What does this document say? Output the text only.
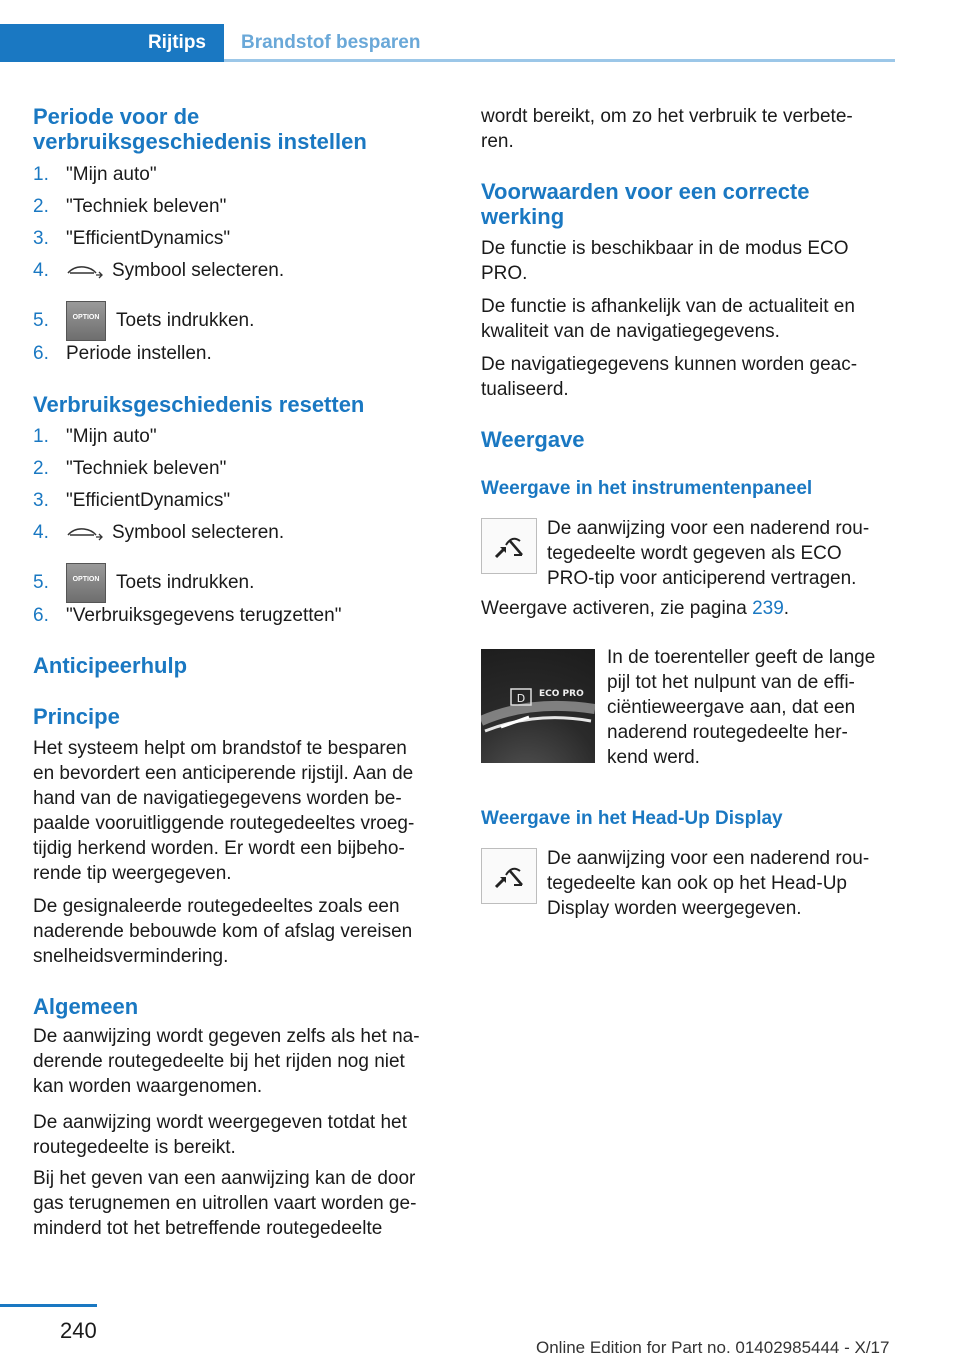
Rijtips	Brandstof besparen
Periode voor de
verbruiksgeschiedenis instellen
1. "Mijn auto"
2. "Techniek beleven"
3. "EfficientDynamics"
4.	Symbool selecteren.
5.	OPTION Toets indrukken.
6. Periode instellen.
Verbruiksgeschiedenis resetten
1. "Mijn auto"
2. "Techniek beleven"
3. "EfficientDynamics"
4.	Symbool selecteren.
5.	OPTION Toets indrukken.
6. "Verbruiksgegevens terugzetten"
Anticipeerhulp
Principe
Het systeem helpt om brandstof te besparen
en bevordert een anticiperende rijstijl. Aan de
hand van de navigatiegegevens worden be‐
paalde vooruitliggende routegedeeltes vroeg‐
tijdig herkend worden. Er wordt een bijbeho‐
rende tip weergegeven.
De gesignaleerde routegedeeltes zoals een
naderende bebouwde kom of afslag vereisen
snelheidsvermindering.
Algemeen
De aanwijzing wordt gegeven zelfs als het na‐
derende routegedeelte bij het rijden nog niet
kan worden waargenomen.
De aanwijzing wordt weergegeven totdat het
routegedeelte is bereikt.
Bij het geven van een aanwijzing kan de door
gas terugnemen en uitrollen vaart worden ge‐
minderd tot het betreffende routegedeelte
wordt bereikt, om zo het verbruik te verbete‐
ren.
Voorwaarden voor een correcte
werking
De functie is beschikbaar in de modus ECO
PRO.
De functie is afhankelijk van de actualiteit en
kwaliteit van de navigatiegegevens.
De navigatiegegevens kunnen worden geac‐
tualiseerd.
Weergave
Weergave in het instrumentenpaneel
De aanwijzing voor een naderend rou‐
tegedeelte wordt gegeven als ECO
PRO-tip voor anticiperend vertragen.
Weergave activeren, zie pagina 239.
D ECO PRO
In de toerenteller geeft de lange
pijl tot het nulpunt van de effi‐
ciëntieweergave aan, dat een
naderend routegedeelte her‐
kend werd.
Weergave in het Head-Up Display
De aanwijzing voor een naderend rou‐
tegedeelte kan ook op het Head-Up
Display worden weergegeven.
240
Online Edition for Part no. 01402985444 - X/17
